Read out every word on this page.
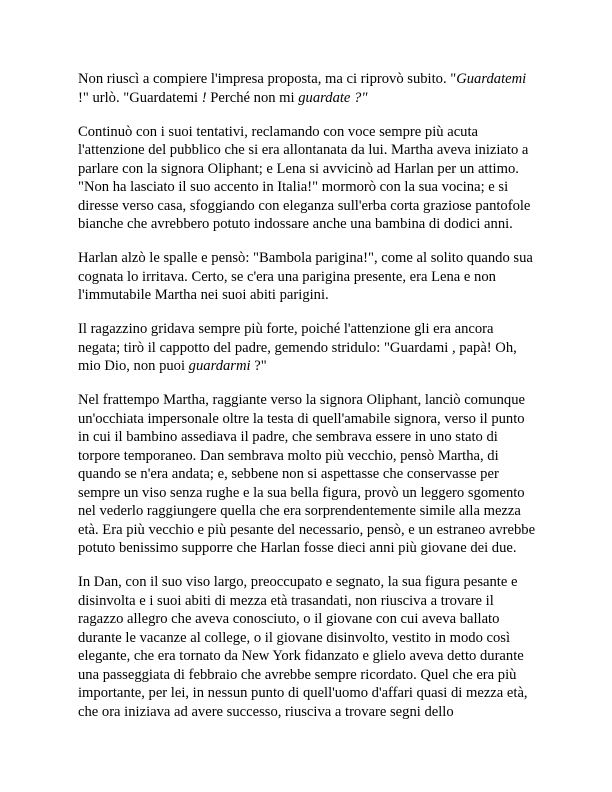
Non riuscì a compiere l'impresa proposta, ma ci riprovò subito. "Guardatemi !" urlò. "Guardatemi ! Perché non mi guardate ?"

Continuò con i suoi tentativi, reclamando con voce sempre più acuta l'attenzione del pubblico che si era allontanata da lui. Martha aveva iniziato a parlare con la signora Oliphant; e Lena si avvicinò ad Harlan per un attimo. "Non ha lasciato il suo accento in Italia!" mormorò con la sua vocina; e si diresse verso casa, sfoggiando con eleganza sull'erba corta graziose pantofole bianche che avrebbero potuto indossare anche una bambina di dodici anni.

Harlan alzò le spalle e pensò: "Bambola parigina!", come al solito quando sua cognata lo irritava. Certo, se c'era una parigina presente, era Lena e non l'immutabile Martha nei suoi abiti parigini.

Il ragazzino gridava sempre più forte, poiché l'attenzione gli era ancora negata; tirò il cappotto del padre, gemendo stridulo: "Guardami , papà! Oh, mio Dio, non puoi guardarmi ?"

Nel frattempo Martha, raggiante verso la signora Oliphant, lanciò comunque un'occhiata impersonale oltre la testa di quell'amabile signora, verso il punto in cui il bambino assediava il padre, che sembrava essere in uno stato di torpore temporaneo. Dan sembrava molto più vecchio, pensò Martha, di quando se n'era andata; e, sebbene non si aspettasse che conservasse per sempre un viso senza rughe e la sua bella figura, provò un leggero sgomento nel vederlo raggiungere quella che era sorprendentemente simile alla mezza età. Era più vecchio e più pesante del necessario, pensò, e un estraneo avrebbe potuto benissimo supporre che Harlan fosse dieci anni più giovane dei due.

In Dan, con il suo viso largo, preoccupato e segnato, la sua figura pesante e disinvolta e i suoi abiti di mezza età trasandati, non riusciva a trovare il ragazzo allegro che aveva conosciuto, o il giovane con cui aveva ballato durante le vacanze al college, o il giovane disinvolto, vestito in modo così elegante, che era tornato da New York fidanzato e glielo aveva detto durante una passeggiata di febbraio che avrebbe sempre ricordato. Quel che era più importante, per lei, in nessun punto di quell'uomo d'affari quasi di mezza età, che ora iniziava ad avere successo, riusciva a trovare segni dello
